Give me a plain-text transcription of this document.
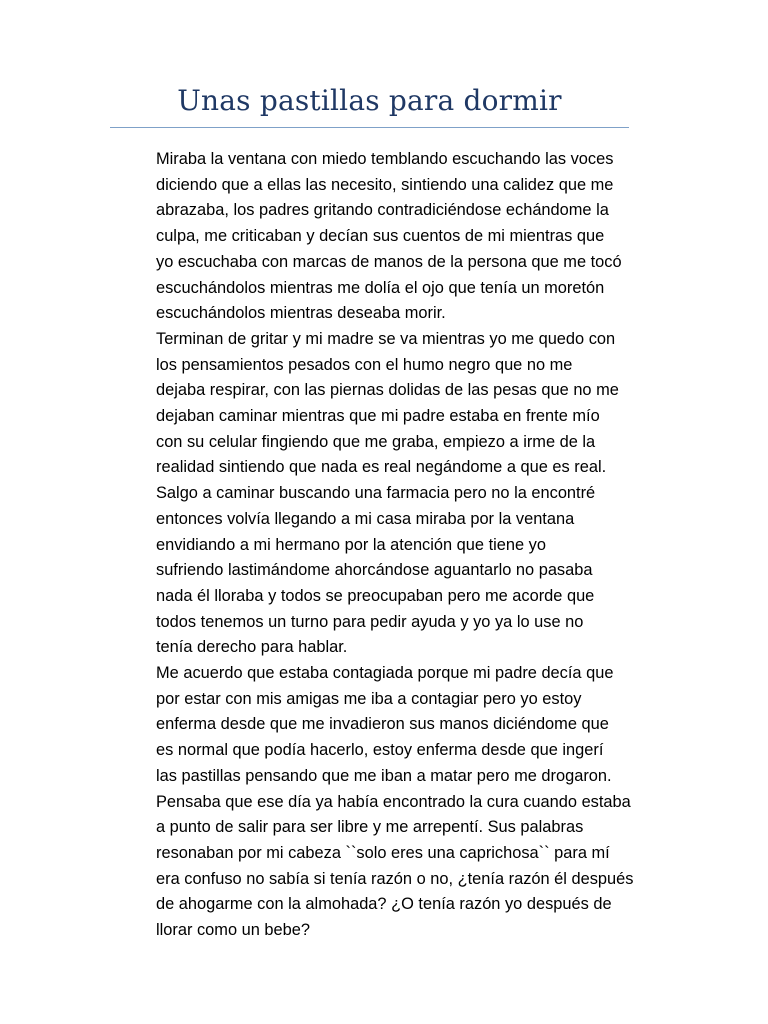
Unas pastillas para dormir
Miraba la ventana con miedo temblando escuchando las voces
diciendo que a ellas las necesito, sintiendo una calidez que me
abrazaba, los padres gritando contradiciéndose echándome la
culpa, me criticaban y decían sus cuentos de mi mientras que
yo escuchaba con marcas de manos de la persona que me tocó
escuchándolos mientras me dolía el ojo que tenía un moretón
escuchándolos mientras deseaba morir.
Terminan de gritar y mi madre se va mientras yo me quedo con
los pensamientos pesados con el humo negro que no me
dejaba respirar, con las piernas dolidas de las pesas que no me
dejaban caminar mientras que mi padre estaba en frente mío
con su celular fingiendo que me graba, empiezo a irme de la
realidad sintiendo que nada es real negándome a que es real.
Salgo a caminar buscando una farmacia pero no la encontré
entonces volvía llegando a mi casa miraba por la ventana
envidiando a mi hermano por la atención que tiene yo
sufriendo lastimándome ahorcándose aguantarlo no pasaba
nada él lloraba y todos se preocupaban pero me acorde que
todos tenemos un turno para pedir ayuda y yo ya lo use no
tenía derecho para hablar.
Me acuerdo que estaba contagiada porque mi padre decía que
por estar con mis amigas me iba a contagiar pero yo estoy
enferma desde que me invadieron sus manos diciéndome que
es normal que podía hacerlo, estoy enferma desde que ingerí
las pastillas pensando que me iban a matar pero me drogaron.
Pensaba que ese día ya había encontrado la cura cuando estaba
a punto de salir para ser libre y me arrepentí. Sus palabras
resonaban por mi cabeza ``solo eres una caprichosa`` para mí
era confuso no sabía si tenía razón o no, ¿tenía razón él después
de ahogarme con la almohada? ¿O tenía razón yo después de
llorar como un bebe?
